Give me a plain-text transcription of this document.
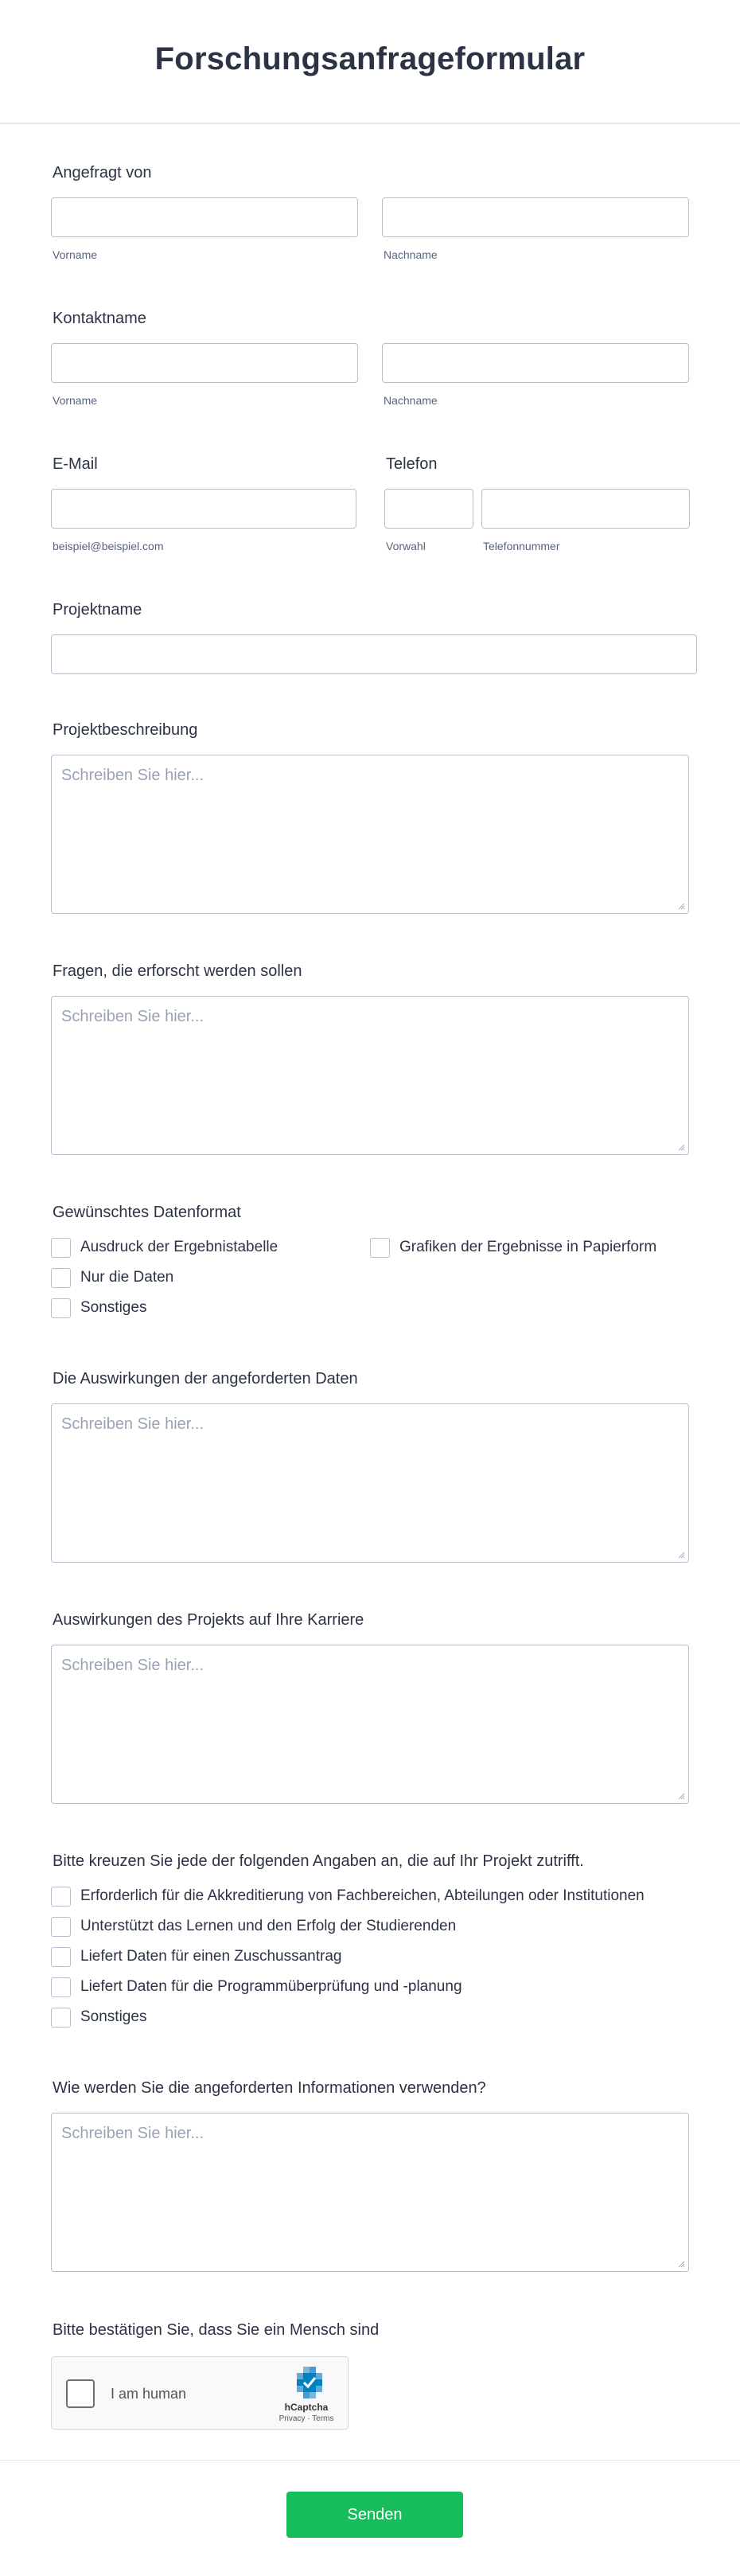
Forschungsanfrageformular
Angefragt von
Vorname	Nachname
Kontaktname
Vorname	Nachname
E-Mail
beispiel@beispiel.com
Telefon
Vorwahl	Telefonnummer
Projektname
Projektbeschreibung
Schreiben Sie hier...
Fragen, die erforscht werden sollen
Schreiben Sie hier...
Gewünschtes Datenformat
Ausdruck der Ergebnistabelle	Grafiken der Ergebnisse in Papierform
Nur die Daten
Sonstiges
Die Auswirkungen der angeforderten Daten
Schreiben Sie hier...
Auswirkungen des Projekts auf Ihre Karriere
Schreiben Sie hier...
Bitte kreuzen Sie jede der folgenden Angaben an, die auf Ihr Projekt zutrifft.
Erforderlich für die Akkreditierung von Fachbereichen, Abteilungen oder Institutionen
Unterstützt das Lernen und den Erfolg der Studierenden
Liefert Daten für einen Zuschussantrag
Liefert Daten für die Programmüberprüfung und -planung
Sonstiges
Wie werden Sie die angeforderten Informationen verwenden?
Schreiben Sie hier...
Bitte bestätigen Sie, dass Sie ein Mensch sind
I am human
hCaptcha
Privacy · Terms
Senden
